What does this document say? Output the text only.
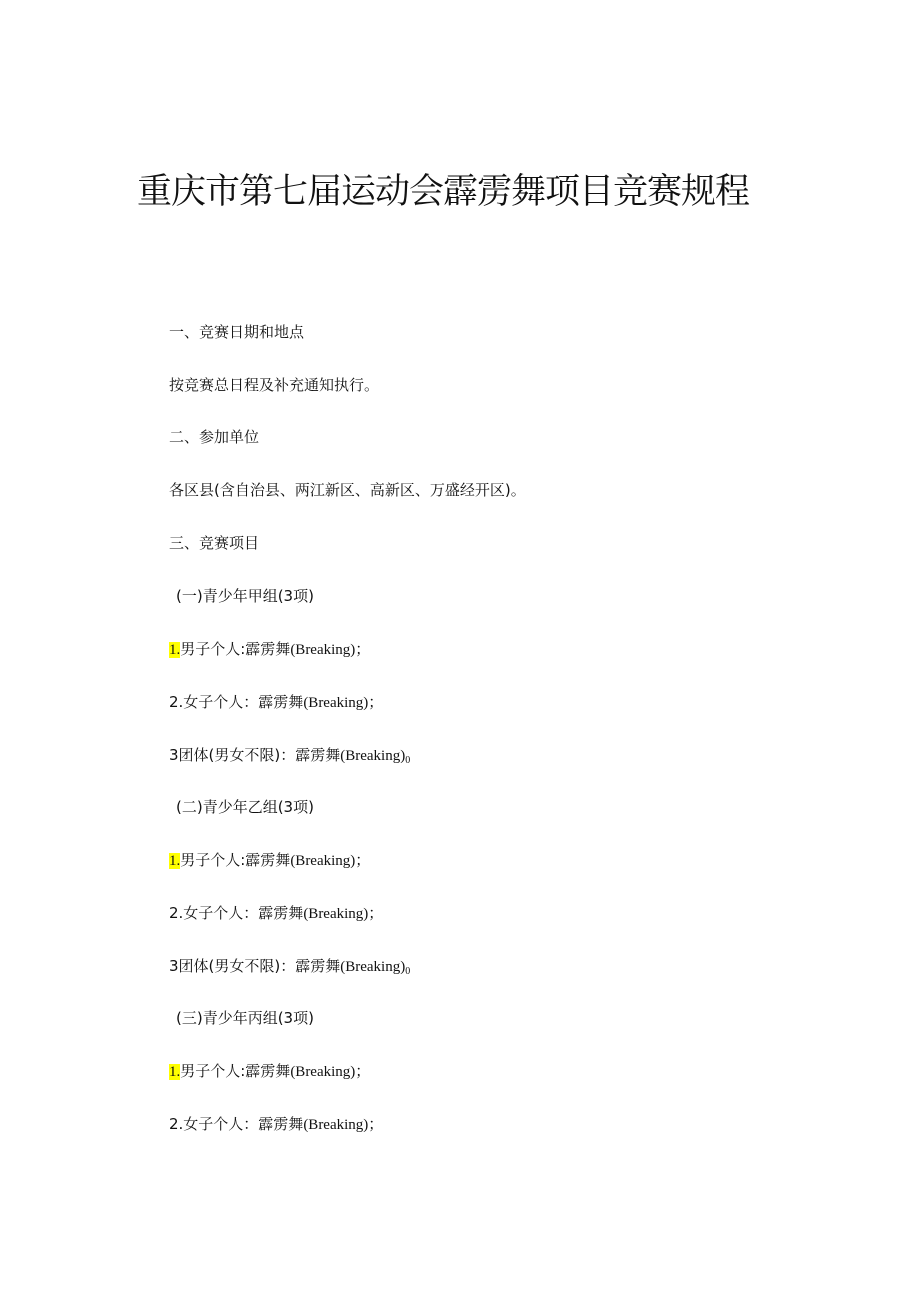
重庆市第七届运动会霹雳舞项目竞赛规程
一、竞赛日期和地点
按竞赛总日程及补充通知执行。
二、参加单位
各区县(含自治县、两江新区、高新区、万盛经开区)。
三、竞赛项目
(一)青少年甲组(3项)
1.男子个人:霹雳舞(Breaking)；
2.女子个人：霹雳舞(Breaking)；
3团体(男女不限)：霹雳舞$(Breaking)_0$
(二)青少年乙组(3项)
1.男子个人:霹雳舞(Breaking)；
2.女子个人：霹雳舞(Breaking)；
3团体(男女不限)：霹雳舞$(Breaking)_0$
(三)青少年丙组(3项)
1.男子个人:霹雳舞(Breaking)；
2.女子个人：霹雳舞(Breaking)；
